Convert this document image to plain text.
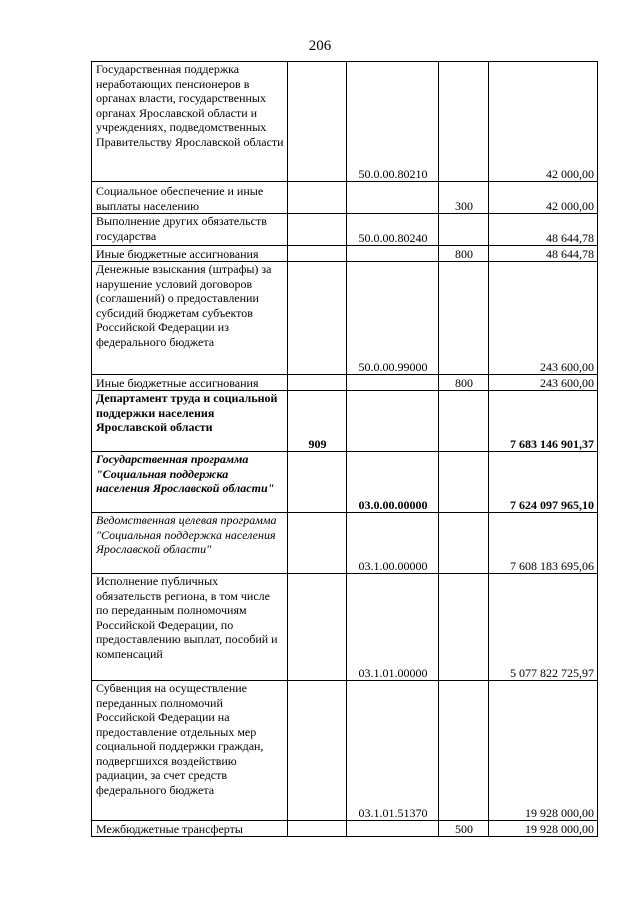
206
Государственная поддержка неработающих пенсионеров в органах власти, государственных органах Ярославской области и учреждениях, подведомственных Правительству Ярославской области		50.0.00.80210		42 000,00
Социальное обеспечение и иные выплаты населению			300	42 000,00
Выполнение других обязательств государства		50.0.00.80240		48 644,78
Иные бюджетные ассигнования			800	48 644,78
Денежные взыскания (штрафы) за нарушение условий договоров (соглашений) о предоставлении субсидий бюджетам субъектов Российской Федерации из федерального бюджета		50.0.00.99000		243 600,00
Иные бюджетные ассигнования			800	243 600,00
Департамент труда и социальной поддержки населения Ярославской области	909			7 683 146 901,37
Государственная программа "Социальная поддержка населения Ярославской области"		03.0.00.00000		7 624 097 965,10
Ведомственная целевая программа "Социальная поддержка населения Ярославской области"		03.1.00.00000		7 608 183 695,06
Исполнение публичных обязательств региона, в том числе по переданным полномочиям Российской Федерации, по предоставлению выплат, пособий и компенсаций		03.1.01.00000		5 077 822 725,97
Субвенция на осуществление переданных полномочий Российской Федерации на предоставление отдельных мер социальной поддержки граждан, подвергшихся воздействию радиации, за счет средств федерального бюджета		03.1.01.51370		19 928 000,00
Межбюджетные трансферты			500	19 928 000,00
